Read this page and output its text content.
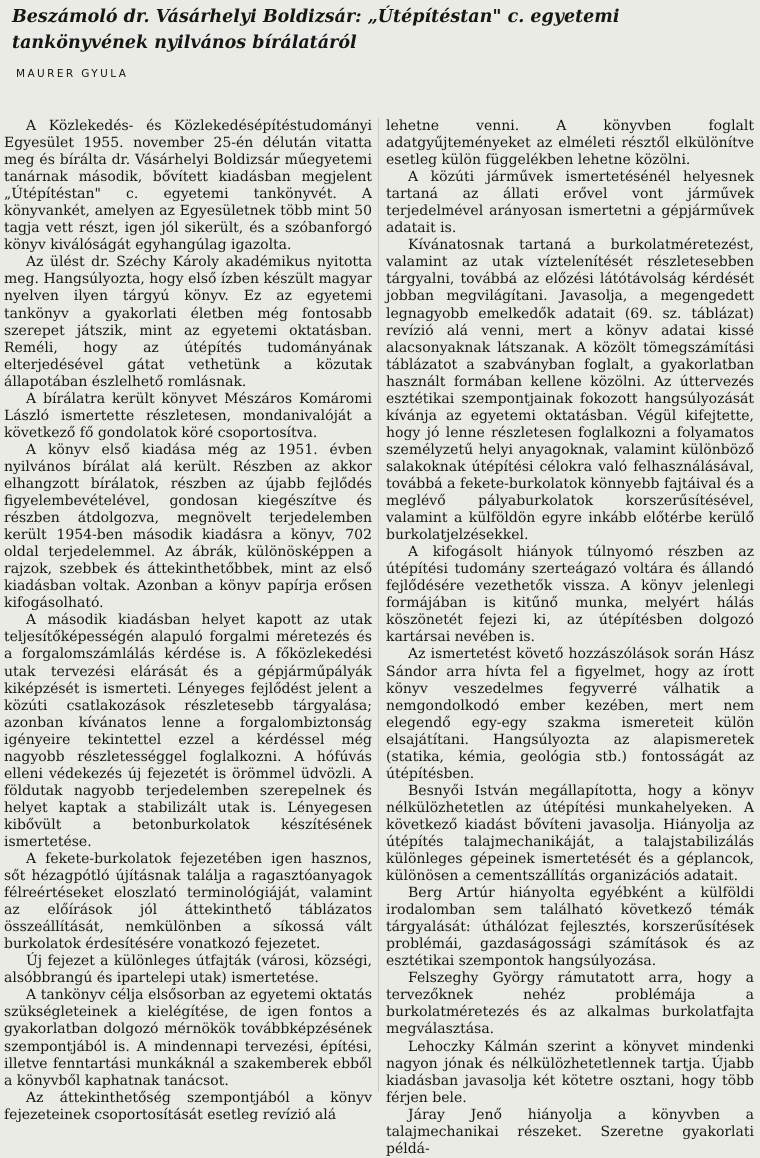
Beszámoló dr. Vásárhelyi Boldizsár: „Útépítéstan" c. egyetemi tankönyvének nyilvános bírálatáról
MAURER GYULA

A Közlekedés- és Közlekedésépítéstudományi Egyesület 1955. november 25-én délután vitatta meg és bírálta dr. Vásárhelyi Boldizsár műegyetemi tanárnak második, bővített kiadásban megjelent „Útépítéstan" c. egyetemi tankönyvét. A könyvankét, amelyen az Egyesületnek több mint 50 tagja vett részt, igen jól sikerült, és a szóbanforgó könyv kiválóságát egyhangúlag igazolta.

Az ülést dr. Széchy Károly akadémikus nyitotta meg. Hangsúlyozta, hogy első ízben készült magyar nyelven ilyen tárgyú könyv. Ez az egyetemi tankönyv a gyakorlati életben még fontosabb szerepet játszik, mint az egyetemi oktatásban. Reméli, hogy az útépítés tudományának elterjedésével gátat vethetünk a közutak állapotában észlelhető romlásnak.

A bírálatra került könyvet Mészáros Komáromi László ismertette részletesen, mondanivalóját a következő fő gondolatok köré csoportosítva.

A könyv első kiadása még az 1951. évben nyilvános bírálat alá került. Részben az akkor elhangzott bírálatok, részben az újabb fejlődés figyelembevételével, gondosan kiegészítve és részben átdolgozva, megnövelt terjedelemben került 1954-ben második kiadásra a könyv, 702 oldal terjedelemmel. Az ábrák, különösképpen a rajzok, szebbek és áttekinthetőbbek, mint az első kiadásban voltak. Azonban a könyv papírja erősen kifogásolható.

A második kiadásban helyet kapott az utak teljesítőképességén alapuló forgalmi méretezés és a forgalomszámlálás kérdése is. A főközlekedési utak tervezési elárását és a gépjárműpályák kiképzését is ismerteti. Lényeges fejlődést jelent a közúti csatlakozások részletesebb tárgyalása; azonban kívánatos lenne a forgalombiztonság igényeire tekintettel ezzel a kérdéssel még nagyobb részletességgel foglalkozni. A hófúvás elleni védekezés új fejezetét is örömmel üdvözli. A földutak nagyobb terjedelemben szerepelnek és helyet kaptak a stabilizált utak is. Lényegesen kibővült a betonburkolatok készítésének ismertetése.

A fekete-burkolatok fejezetében igen hasznos, sőt hézagpótló újításnak találja a ragasztóanyagok félreértéseket eloszlató terminológiáját, valamint az előírások jól áttekinthető táblázatos összeállítását, nemkülönben a síkossá vált burkolatok érdesítésére vonatkozó fejezetet.

Új fejezet a különleges útfajták (városi, községi, alsóbbrangú és ipartelepi utak) ismertetése.

A tankönyv célja elsősorban az egyetemi oktatás szükségleteinek a kielégítése, de igen fontos a gyakorlatban dolgozó mérnökök továbbképzésének szempontjából is. A mindennapi tervezési, építési, illetve fenntartási munkáknál a szakemberek ebből a könyvből kaphatnak tanácsot.

Az áttekinthetőség szempontjából a könyv fejezeteinek csoportosítását esetleg revízió alá

lehetne venni. A könyvben foglalt adatgyűjteményeket az elméleti résztől elkülönítve esetleg külön függelékben lehetne közölni.

A közúti járművek ismertetésénél helyesnek tartaná az állati erővel vont járművek terjedelmével arányosan ismertetni a gépjárművek adatait is.

Kívánatosnak tartaná a burkolatméretezést, valamint az utak víztelenítését részletesebben tárgyalni, továbbá az előzési látótávolság kérdését jobban megvilágítani. Javasolja, a megengedett legnagyobb emelkedők adatait (69. sz. táblázat) revízió alá venni, mert a könyv adatai kissé alacsonyaknak látszanak. A közölt tömegszámítási táblázatot a szabványban foglalt, a gyakorlatban használt formában kellene közölni. Az úttervezés esztétikai szempontjainak fokozott hangsúlyozását kívánja az egyetemi oktatásban. Végül kifejtette, hogy jó lenne részletesen foglalkozni a folyamatos személyzetű helyi anyagoknak, valamint különböző salakoknak útépítési célokra való felhasználásával, továbbá a fekete-burkolatok könnyebb fajtáival és a meglévő pályaburkolatok korszerűsítésével, valamint a külföldön egyre inkább előtérbe kerülő burkolatjelzésekkel.

A kifogásolt hiányok túlnyomó részben az útépítési tudomány szerteágazó voltára és állandó fejlődésére vezethetők vissza. A könyv jelenlegi formájában is kitűnő munka, melyért hálás köszönetét fejezi ki, az útépítésben dolgozó kartársai nevében is.

Az ismertetést követő hozzászólások során Hász Sándor arra hívta fel a figyelmet, hogy az írott könyv veszedelmes fegyverré válhatik a nemgondolkodó ember kezében, mert nem elegendő egy-egy szakma ismereteit külön elsajátítani. Hangsúlyozta az alapismeretek (statika, kémia, geológia stb.) fontosságát az útépítésben.

Besnyői István megállapította, hogy a könyv nélkülözhetetlen az útépítési munkahelyeken. A következő kiadást bővíteni javasolja. Hiányolja az útépítés talajmechanikáját, a talajstabilizálás különleges gépeinek ismertetését és a géplancok, különösen a cementszállítás organizációs adatait.

Berg Artúr hiányolta egyébként a külföldi irodalomban sem található következő témák tárgyalását: úthálózat fejlesztés, korszerűsítések problémái, gazdaságossági számítások és az esztétikai szempontok hangsúlyozása.

Felszeghy György rámutatott arra, hogy a tervezőknek nehéz problémája a burkolatméretezés és az alkalmas burkolatfajta megválasztása.

Lehoczky Kálmán szerint a könyvet mindenki nagyon jónak és nélkülözhetetlennek tartja. Újabb kiadásban javasolja két kötetre osztani, hogy több férjen bele.

Járay Jenő hiányolja a könyvben a talajmechanikai részeket. Szeretne gyakorlati példá-
